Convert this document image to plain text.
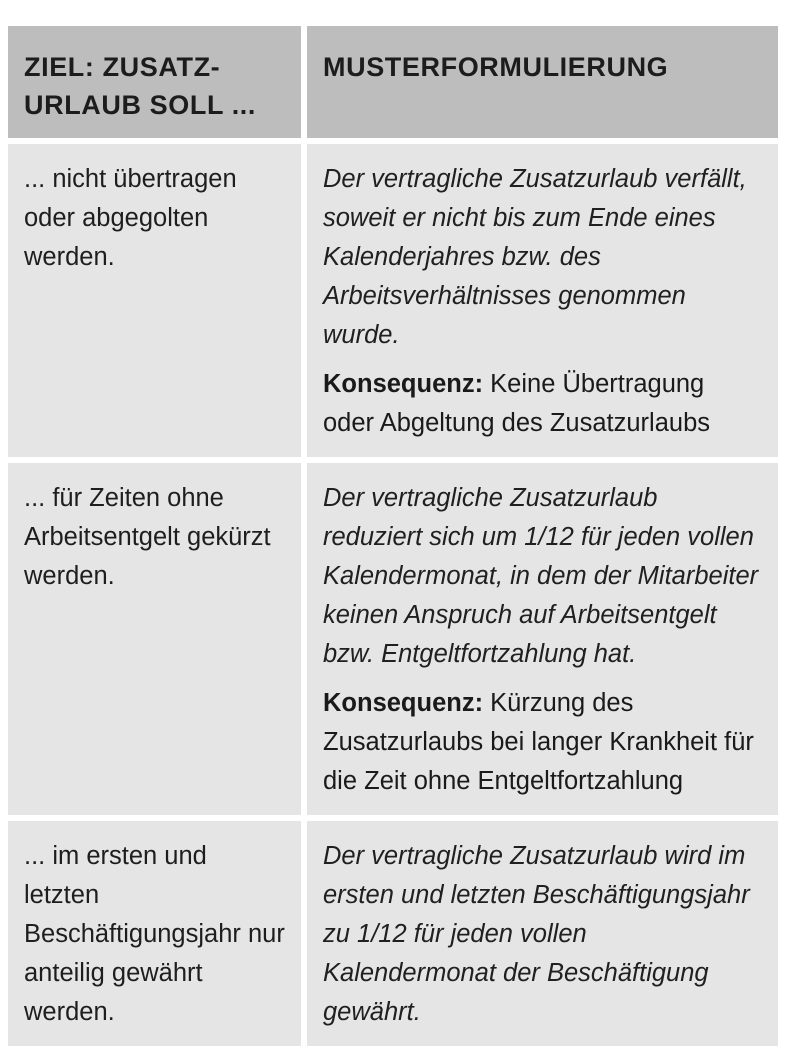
ZIEL: ZUSATZ-URLAUB SOLL ...	MUSTERFORMULIERUNG
... nicht übertragen oder abgegolten werden.	Der vertragliche Zusatzurlaub verfällt, soweit er nicht bis zum Ende eines Kalenderjahres bzw. des Arbeitsverhältnisses genommen wurde.

Konsequenz: Keine Übertragung oder Abgeltung des Zusatzurlaubs

... für Zeiten ohne Arbeitsentgelt gekürzt werden.	Der vertragliche Zusatzurlaub reduziert sich um 1/12 für jeden vollen Kalendermonat, in dem der Mitarbeiter keinen Anspruch auf Arbeitsentgelt bzw. Entgeltfortzahlung hat.

Konsequenz: Kürzung des Zusatzurlaubs bei langer Krankheit für die Zeit ohne Entgeltfortzahlung

... im ersten und letzten Beschäftigungsjahr nur anteilig gewährt werden.	Der vertragliche Zusatzurlaub wird im ersten und letzten Beschäftigungsjahr zu 1/12 für jeden vollen Kalendermonat der Beschäftigung gewährt.
